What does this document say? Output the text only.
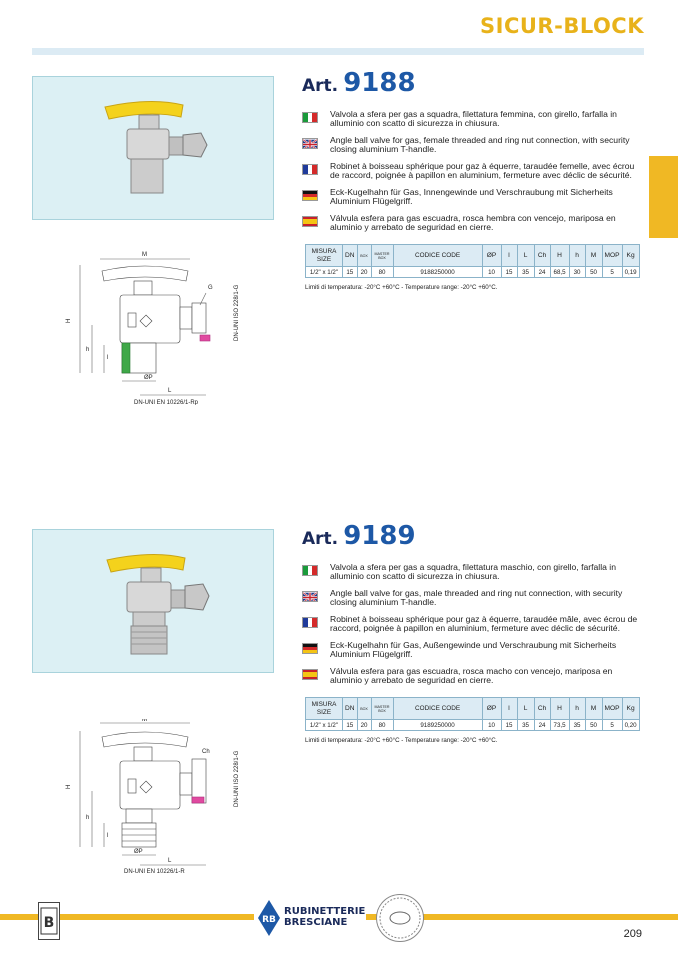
SICUR-BLOCK
Art. 9188
Valvola a sfera per gas a squadra, filettatura femmina, con girello, farfalla in alluminio con scatto di sicurezza in chiusura.
Angle ball valve for gas, female threaded and ring nut connection, with security closing aluminium T-handle.
Robinet à boisseau sphérique pour gaz à équerre, taraudée femelle, avec écrou de raccord, poignée à papillon en aluminium, fermeture avec déclic de sécurité.
Eck-Kugelhahn für Gas, Innengewinde und Verschraubung mit Sicherheits Aluminium Flügelgriff.
Válvula esfera para gas escuadra, rosca hembra con vencejo, mariposa en aluminio y arrebato de seguridad en cierre.
MISURA SIZE	DN	BOX	MASTER BOX	CODICE CODE	ØP	l	L	Ch	H	h	M	MOP	Kg
1/2" x 1/2"	15	20	80	9188250000	10	15	35	24	68,5	30	50	5	0,19
Limiti di temperatura: -20°C +60°C - Temperature range: -20°C +60°C.
M
H
h
l
ØP
L
G	DN-UNI ISO 228/1-G
DN-UNI EN 10226/1-Rp
Art. 9189
Valvola a sfera per gas a squadra, filettatura maschio, con girello, farfalla in alluminio con scatto di sicurezza in chiusura.
Angle ball valve for gas, male threaded and ring nut connection, with security closing aluminium T-handle.
Robinet à boisseau sphérique pour gaz à équerre, taraudée mâle, avec écrou de raccord, poignée à papillon en aluminium, fermeture avec déclic de sécurité.
Eck-Kugelhahn für Gas, Außengewinde und Verschraubung mit Sicherheits Aluminium Flügelgriff.
Válvula esfera para gas escuadra, rosca macho con vencejo, mariposa en aluminio y arrebato de seguridad en cierre.
MISURA SIZE	DN	BOX	MASTER BOX	CODICE CODE	ØP	l	L	Ch	H	h	M	MOP	Kg
1/2" x 1/2"	15	20	80	9189250000	10	15	35	24	73,5	35	50	5	0,20
Limiti di temperatura: -20°C +60°C - Temperature range: -20°C +60°C.
M
H
h
l
ØP
L
Ch	DN-UNI ISO 228/1-G
DN-UNI EN 10226/1-R
B	RB
RUBINETTERIE
BRESCIANE
209
